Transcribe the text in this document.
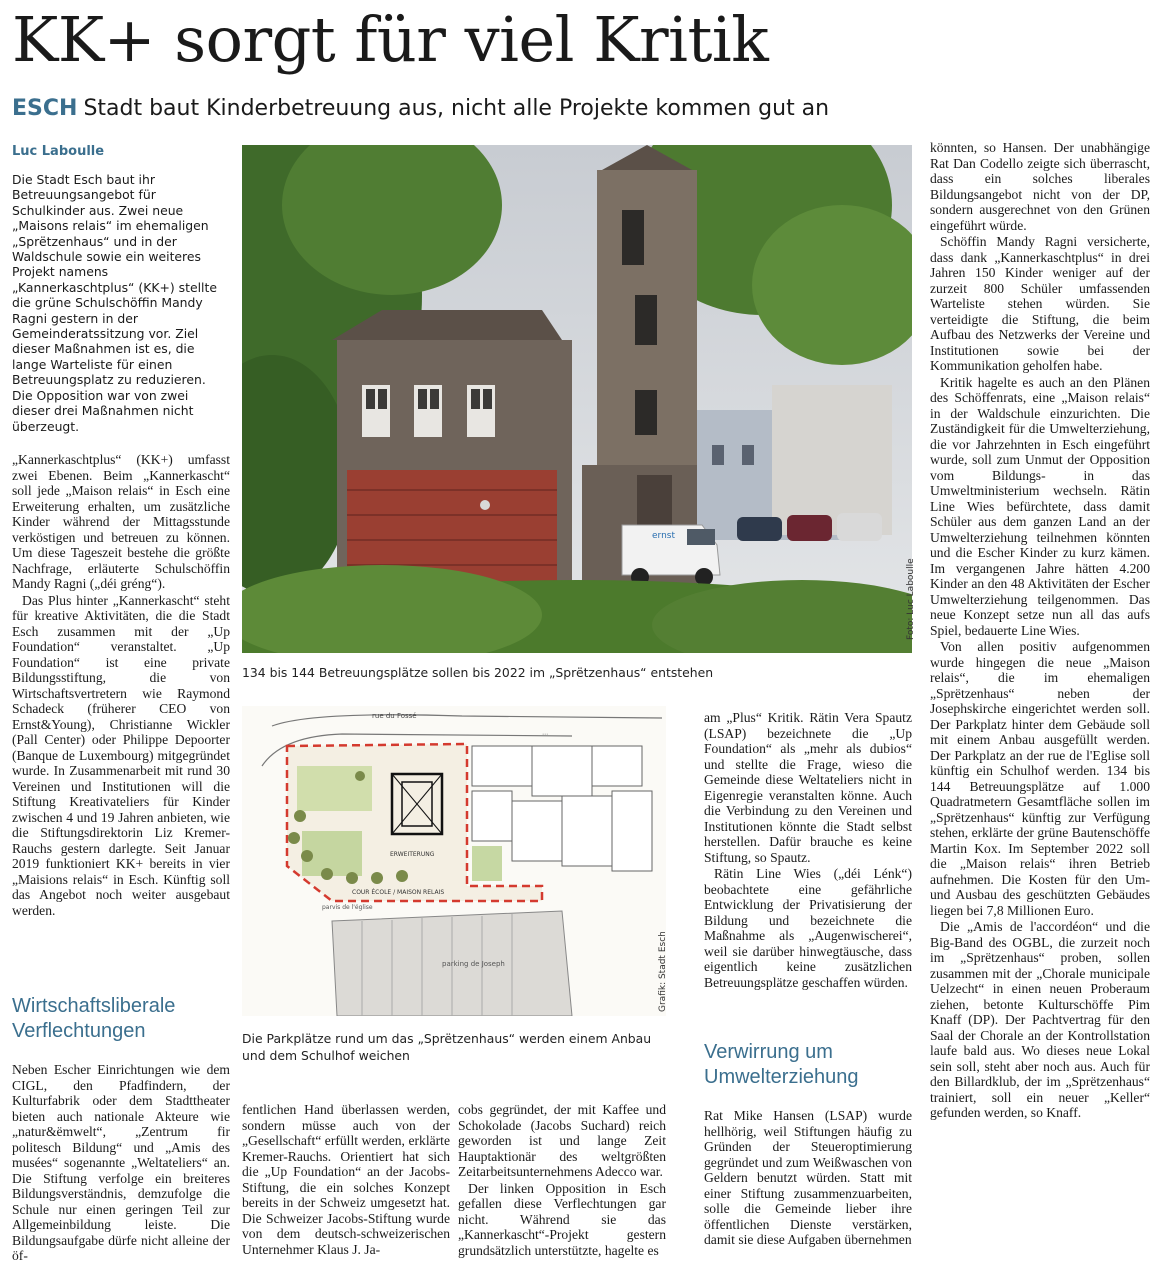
KK+ sorgt für viel Kritik
ESCH Stadt baut Kinderbetreuung aus, nicht alle Projekte kommen gut an
Luc Laboulle
Die Stadt Esch baut ihr Betreuungsangebot für Schulkinder aus. Zwei neue „Maisons relais“ im ehemaligen „Sprëtzenhaus“ und in der Waldschule sowie ein weiteres Projekt namens „Kannerkaschtplus“ (KK+) stellte die grüne Schulschöffin Mandy Ragni gestern in der Gemeinderatssitzung vor. Ziel dieser Maßnahmen ist es, die lange Warteliste für einen Betreuungsplatz zu reduzieren. Die Opposition war von zwei dieser drei Maßnahmen nicht überzeugt.

„Kannerkaschtplus“ (KK+) umfasst zwei Ebenen. Beim „Kannerkascht“ soll jede „Maison relais“ in Esch eine Erweiterung erhalten, um zusätzliche Kinder während der Mittagsstunde verköstigen und betreuen zu können. Um diese Tageszeit bestehe die größte Nachfrage, erläuterte Schulschöffin Mandy Ragni („déi gréng“).

Das Plus hinter „Kannerkascht“ steht für kreative Aktivitäten, die die Stadt Esch zusammen mit der „Up Foundation“ veranstaltet. „Up Foundation“ ist eine private Bildungsstiftung, die von Wirtschaftsvertretern wie Raymond Schadeck (früherer CEO von Ernst&Young), Christianne Wickler (Pall Center) oder Philippe Depoorter (Banque de Luxembourg) mitgegründet wurde. In Zusammenarbeit mit rund 30 Vereinen und Institutionen will die Stiftung Kreativateliers für Kinder zwischen 4 und 19 Jahren anbieten, wie die Stiftungsdirektorin Liz Kremer-Rauchs gestern darlegte. Seit Januar 2019 funktioniert KK+ bereits in vier „Maisions relais“ in Esch. Künftig soll das Angebot noch weiter ausgebaut werden.

Wirtschaftsliberale Verflechtungen

Neben Escher Einrichtungen wie dem CIGL, den Pfadfindern, der Kulturfabrik oder dem Stadttheater bieten auch nationale Akteure wie „natur&ëmwelt“, „Zentrum fir politesch Bildung“ und „Amis des musées“ sogenannte „Weltateliers“ an. Die Stiftung verfolge ein breiteres Bildungsverständnis, demzufolge die Schule nur einen geringen Teil zur Allgemeinbildung leiste. Die Bildungsaufgabe dürfe nicht alleine der öf-

ernst
Foto: Luc Laboulle
134 bis 144 Betreuungsplätze sollen bis 2022 im „Sprëtzenhaus“ entstehen
rue du Fossé
ERWEITERUNG
⋯
COUR ÉCOLE / MAISON RELAIS
parking de Joseph
parvis de l'église
Grafik: Stadt Esch
Die Parkplätze rund um das „Sprëtzenhaus“ werden einem Anbau und dem Schulhof weichen

fentlichen Hand überlassen werden, sondern müsse auch von der „Gesellschaft“ erfüllt werden, erklärte Kremer-Rauchs. Orientiert hat sich die „Up Foundation“ an der Jacobs-Stiftung, die ein solches Konzept bereits in der Schweiz umgesetzt hat. Die Schweizer Jacobs-Stiftung wurde von dem deutsch-schweizerischen Unternehmer Klaus J. Ja-

cobs gegründet, der mit Kaffee und Schokolade (Jacobs Suchard) reich geworden ist und lange Zeit Hauptaktionär des weltgrößten Zeitarbeitsunternehmens Adecco war.

Der linken Opposition in Esch gefallen diese Verflechtungen gar nicht. Während sie das „Kannerkascht“-Projekt gestern grundsätzlich unterstützte, hagelte es

am „Plus“ Kritik. Rätin Vera Spautz (LSAP) bezeichnete die „Up Foundation“ als „mehr als dubios“ und stellte die Frage, wieso die Gemeinde diese Weltateliers nicht in Eigenregie veranstalten könne. Auch die Verbindung zu den Vereinen und Institutionen könnte die Stadt selbst herstellen. Dafür brauche es keine Stiftung, so Spautz.

Rätin Line Wies („déi Lénk“) beobachtete eine gefährliche Entwicklung der Privatisierung der Bildung und bezeichnete die Maßnahme als „Augenwischerei“, weil sie darüber hinwegtäusche, dass eigentlich keine zusätzlichen Betreuungsplätze geschaffen würden.

Verwirrung um Umwelterziehung

Rat Mike Hansen (LSAP) wurde hellhörig, weil Stiftungen häufig zu Gründen der Steueroptimierung gegründet und zum Weißwaschen von Geldern benutzt würden. Statt mit einer Stiftung zusammenzuarbeiten, solle die Gemeinde lieber ihre öffentlichen Dienste verstärken, damit sie diese Aufgaben übernehmen

könnten, so Hansen. Der unabhängige Rat Dan Codello zeigte sich überrascht, dass ein solches liberales Bildungsangebot nicht von der DP, sondern ausgerechnet von den Grünen eingeführt würde.

Schöffin Mandy Ragni versicherte, dass dank „Kannerkaschtplus“ in drei Jahren 150 Kinder weniger auf der zurzeit 800 Schüler umfassenden Warteliste stehen würden. Sie verteidigte die Stiftung, die beim Aufbau des Netzwerks der Vereine und Institutionen sowie bei der Kommunikation geholfen habe.

Kritik hagelte es auch an den Plänen des Schöffenrats, eine „Maison relais“ in der Waldschule einzurichten. Die Zuständigkeit für die Umwelterziehung, die vor Jahrzehnten in Esch eingeführt wurde, soll zum Unmut der Opposition vom Bildungs- in das Umweltministerium wechseln. Rätin Line Wies befürchtete, dass damit Schüler aus dem ganzen Land an der Umwelterziehung teilnehmen könnten und die Escher Kinder zu kurz kämen. Im vergangenen Jahre hätten 4.200 Kinder an den 48 Aktivitäten der Escher Umwelterziehung teilgenommen. Das neue Konzept setze nun all das aufs Spiel, bedauerte Line Wies.

Von allen positiv aufgenommen wurde hingegen die neue „Maison relais“, die im ehemaligen „Sprëtzenhaus“ neben der Josephskirche eingerichtet werden soll. Der Parkplatz hinter dem Gebäude soll mit einem Anbau ausgefüllt werden. Der Parkplatz an der rue de l'Eglise soll künftig ein Schulhof werden. 134 bis 144 Betreuungsplätze auf 1.000 Quadratmetern Gesamtfläche sollen im „Sprëtzenhaus“ künftig zur Verfügung stehen, erklärte der grüne Bautenschöffe Martin Kox. Im September 2022 soll die „Maison relais“ ihren Betrieb aufnehmen. Die Kosten für den Um- und Ausbau des geschützten Gebäudes liegen bei 7,8 Millionen Euro.

Die „Amis de l'accordéon“ und die Big-Band des OGBL, die zurzeit noch im „Sprëtzenhaus“ proben, sollen zusammen mit der „Chorale municipale Uelzecht“ in einen neuen Proberaum ziehen, betonte Kulturschöffe Pim Knaff (DP). Der Pachtvertrag für den Saal der Chorale an der Kontrollstation laufe bald aus. Wo dieses neue Lokal sein soll, steht aber noch aus. Auch für den Billardklub, der im „Sprëtzenhaus“ trainiert, soll ein neuer „Keller“ gefunden werden, so Knaff.
